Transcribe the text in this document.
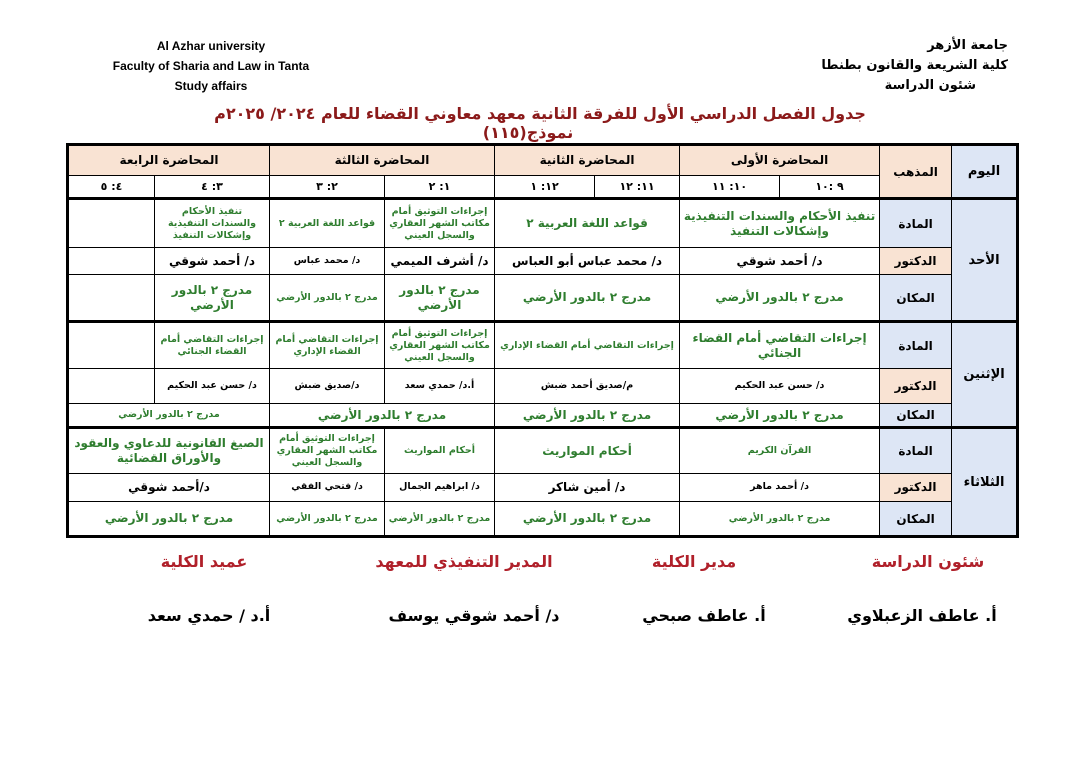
Al Azhar university
Faculty of Sharia and Law in Tanta
Study affairs
جامعة الأزهر
كلية الشريعة والقانون بطنطا
شئون الدراسة
جدول الفصل الدراسي الأول للفرقة الثانية معهد معاوني القضاء للعام ٢٠٢٤/ ٢٠٢٥م نموذج(١١٥)
اليوم	المذهب	المحاضرة الأولى		المحاضرة الثانية		المحاضرة الثالثة		المحاضرة الرابعة	
		٩ :١٠	١٠: ١١	١١: ١٢	١٢: ١	١: ٢	٢: ٣	٣: ٤	٤: ٥
الأحد	المادة	تنفيذ الأحكام والسندات التنفيذية وإشكالات التنفيذ		قواعد اللغة العربية ٢		إجراءات التوثيق أمام مكاتب الشهر العقاري والسجل العيني	قواعد اللغة العربية ٢	تنفيذ الأحكام والسندات التنفيذية وإشكالات التنفيذ	
	الدكتور	د/ أحمد شوقي		د/ محمد عباس أبو العباس		د/ أشرف الميمي	د/ محمد عباس	د/ أحمد شوقي	
	المكان	مدرج ٢ بالدور الأرضي		مدرج ٢ بالدور الأرضي		مدرج ٢ بالدور الأرضي	مدرج ٢ بالدور الأرضي	مدرج ٢ بالدور الأرضي	
الإثنين	المادة	إجراءات التقاضي أمام القضاء الجنائي		إجراءات التقاضي أمام القضاء الإداري		إجراءات التوثيق أمام مكاتب الشهر العقاري والسجل العيني	إجراءات التقاضي أمام القضاء الإداري	إجراءات التقاضي أمام القضاء الجنائي	
	الدكتور	د/ حسن عبد الحكيم		م/صديق أحمد ضبش		أ.د/ حمدي سعد	د/صديق ضبش	د/ حسن عبد الحكيم	
	المكان	مدرج ٢ بالدور الأرضي		مدرج ٢ بالدور الأرضي		مدرج ٢ بالدور الأرضي		مدرج ٢ بالدور الأرضي	
الثلاثاء	المادة	القرآن الكريم		أحكام المواريث		أحكام المواريث	إجراءات التوثيق أمام مكاتب الشهر العقاري والسجل العيني	الصيغ القانونية للدعاوي والعقود والأوراق القضائية	
	الدكتور	د/ أحمد ماهر		د/ أمين شاكر		د/ ابراهيم الجمال	د/ فتحي الفقي	د/أحمد شوقي	
	المكان	مدرج ٢ بالدور الأرضي		مدرج ٢ بالدور الأرضي		مدرج ٢ بالدور الأرضي	مدرج ٢ بالدور الأرضي	مدرج ٢ بالدور الأرضي	
شئون الدراسة
مدير الكلية
المدير التنفيذي للمعهد
عميد الكلية
أ. عاطف الزعبلاوي
أ. عاطف صبحي
د/ أحمد شوقي يوسف
أ.د / حمدي سعد
